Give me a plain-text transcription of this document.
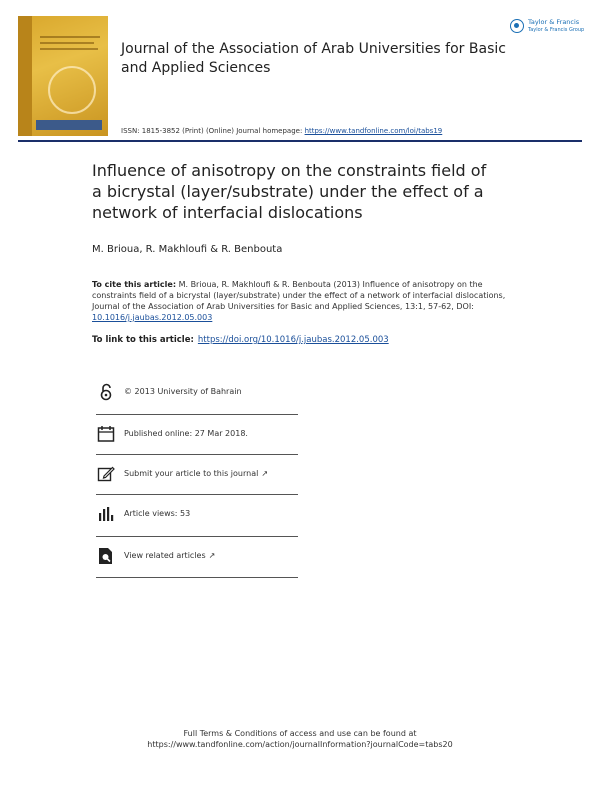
Journal of the Association of Arab Universities for Basic
and Applied Sciences
Taylor & Francis
Taylor & Francis Group
ISSN: 1815-3852 (Print) (Online) Journal homepage: https://www.tandfonline.com/loi/tabs19
Influence of anisotropy on the constraints field of
a bicrystal (layer/substrate) under the effect of a
network of interfacial dislocations
M. Brioua, R. Makhloufi & R. Benbouta
To cite this article: M. Brioua, R. Makhloufi & R. Benbouta (2013) Influence of anisotropy on the constraints field of a bicrystal (layer/substrate) under the effect of a network of interfacial dislocations, Journal of the Association of Arab Universities for Basic and Applied Sciences, 13:1, 57-62, DOI: 10.1016/j.jaubas.2012.05.003
To link to this article: https://doi.org/10.1016/j.jaubas.2012.05.003
© 2013 University of Bahrain
Published online: 27 Mar 2018.
Submit your article to this journal ↗
Article views: 53
View related articles ↗
Full Terms & Conditions of access and use can be found at
https://www.tandfonline.com/action/journalInformation?journalCode=tabs20
